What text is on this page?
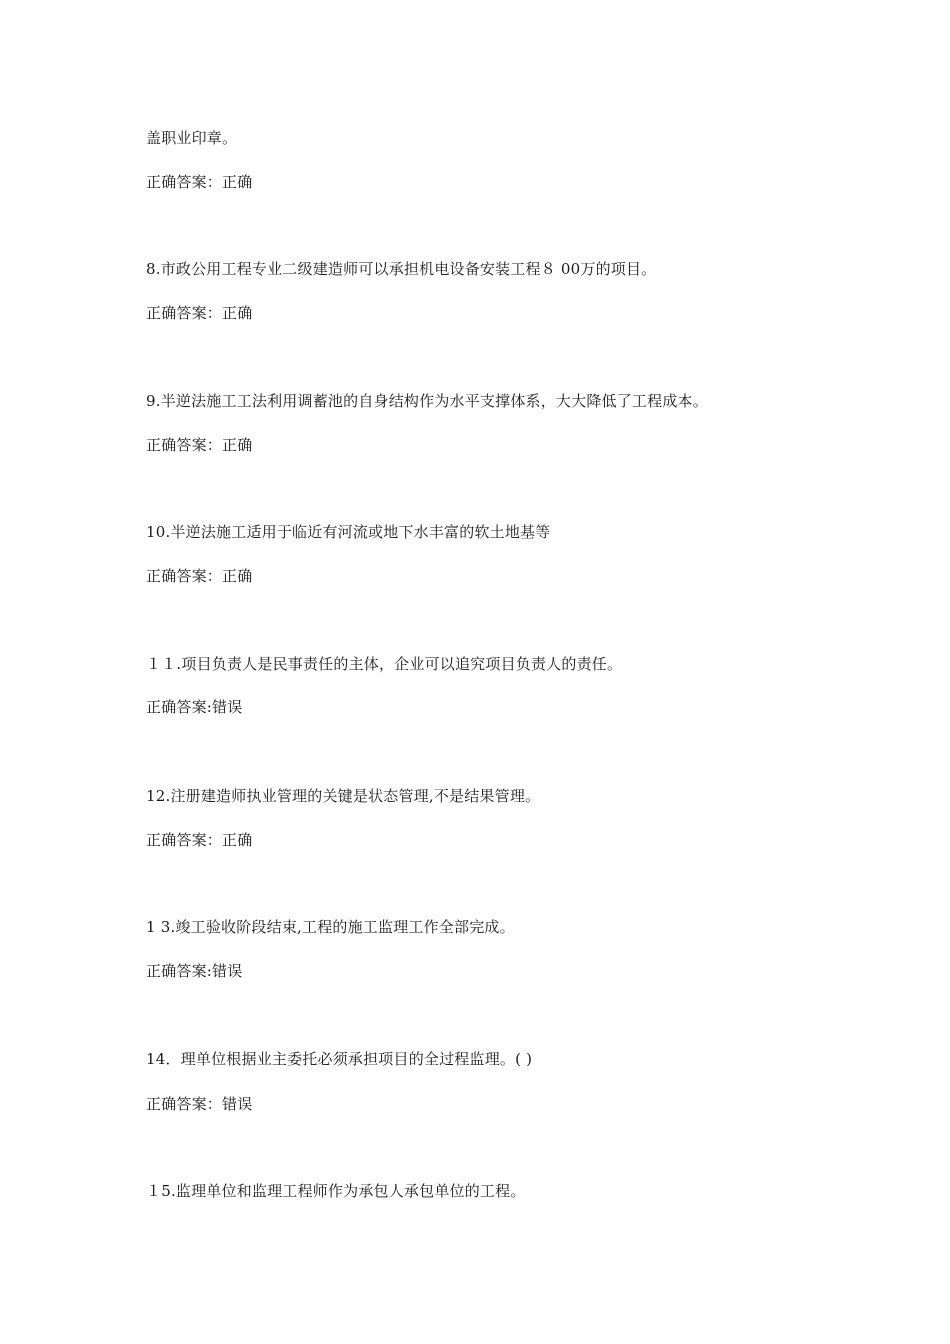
盖职业印章。
正确答案：正确
8.市政公用工程专业二级建造师可以承担机电设备安装工程８ 00万的项目。
正确答案：正确
9.半逆法施工工法利用调蓄池的自身结构作为水平支撑体系，大大降低了工程成本。
正确答案：正确
10.半逆法施工适用于临近有河流或地下水丰富的软土地基等
正确答案：正确
１１.项目负责人是民事责任的主体，企业可以追究项目负责人的责任。
正确答案:错误
12.注册建造师执业管理的关键是状态管理,不是结果管理。
正确答案：正确
1 3.竣工验收阶段结束,工程的施工监理工作全部完成。
正确答案:错误
14．理单位根据业主委托必须承担项目的全过程监理。( )
正确答案：错误
１5.监理单位和监理工程师作为承包人承包单位的工程。
